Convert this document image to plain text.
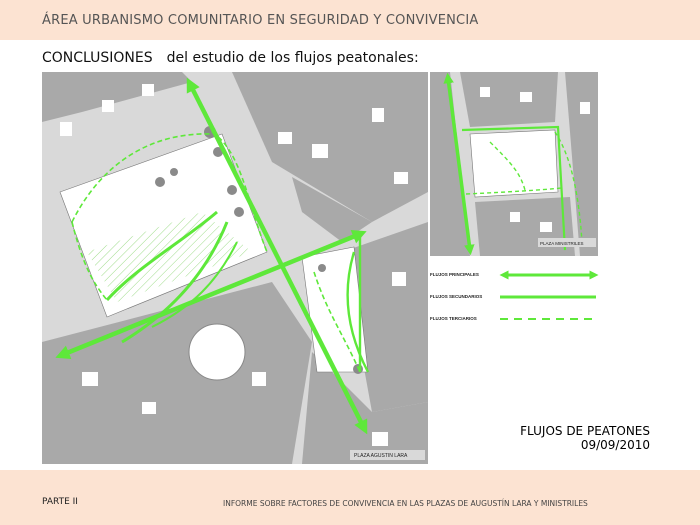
ÁREA URBANISMO COMUNITARIO EN SEGURIDAD Y CONVIVENCIA
CONCLUSIONES del estudio de los flujos peatonales:
PLAZA AGUSTIN LARA
PLAZA MINISTRILES
FLUJOS PRINCIPALES
FLUJOS SECUNDARIOS
FLUJOS TERCIARIOS
FLUJOS DE PEATONES
09/09/2010
PARTE II	INFORME SOBRE FACTORES DE CONVIVENCIA EN LAS PLAZAS DE AUGUSTÍN LARA Y MINISTRILES
